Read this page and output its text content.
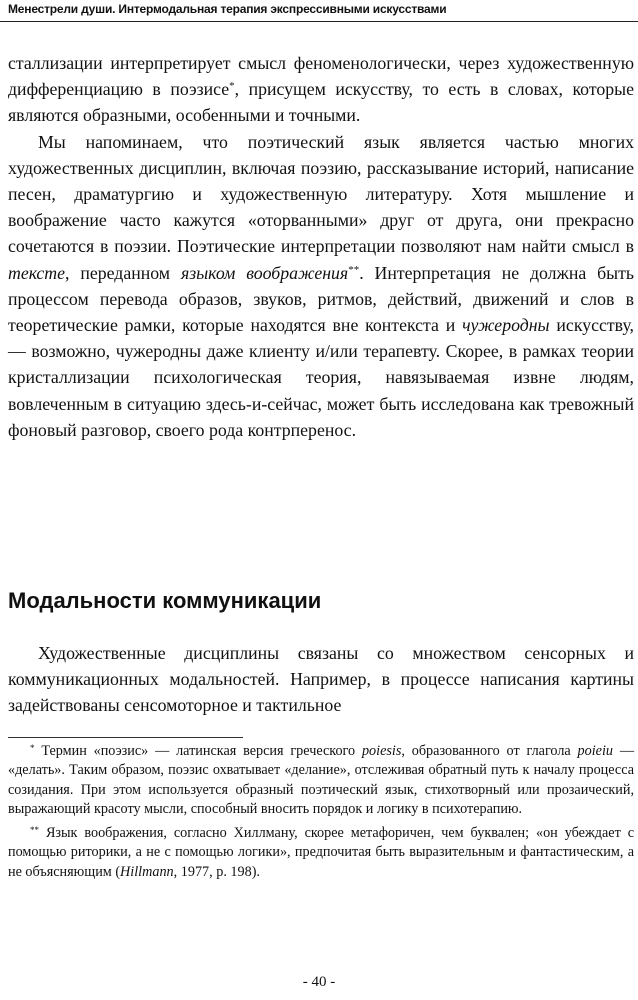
Менестрели души. Интермодальная терапия экспрессивными искусствами

сталлизации интерпретирует смысл феноменологически, через художественную дифференциацию в поэзисе*, присущем искусству, то есть в словах, которые являются образными, особенными и точными.

Мы напоминаем, что поэтический язык является частью многих художественных дисциплин, включая поэзию, рассказывание историй, написание песен, драматургию и художественную литературу. Хотя мышление и воображение часто кажутся «оторванными» друг от друга, они прекрасно сочетаются в поэзии. Поэтические интерпретации позволяют нам найти смысл в тексте, переданном языком воображения**. Интерпретация не должна быть процессом перевода образов, звуков, ритмов, действий, движений и слов в теоретические рамки, которые находятся вне контекста и чужеродны искусству, — возможно, чужеродны даже клиенту и/или терапевту. Скорее, в рамках теории кристаллизации психологическая теория, навязываемая извне людям, вовлеченным в ситуацию здесь-и-сейчас, может быть исследована как тревожный фоновый разговор, своего рода контрперенос.

Модальности коммуникации

Художественные дисциплины связаны со множеством сенсорных и коммуникационных модальностей. Например, в процессе написания картины задействованы сенсомоторное и тактильное

* Термин «поэзис» — латинская версия греческого poiesis, образованного от глагола poieiu — «делать». Таким образом, поэзис охватывает «делание», отслеживая обратный путь к началу процесса созидания. При этом используется образный поэтический язык, стихотворный или прозаический, выражающий красоту мысли, способный вносить порядок и логику в психотерапию.

** Язык воображения, согласно Хиллману, скорее метафоричен, чем буквален; «он убеждает с помощью риторики, а не с помощью логики», предпочитая быть выразительным и фантастическим, а не объясняющим (Hillmann, 1977, p. 198).

- 40 -
